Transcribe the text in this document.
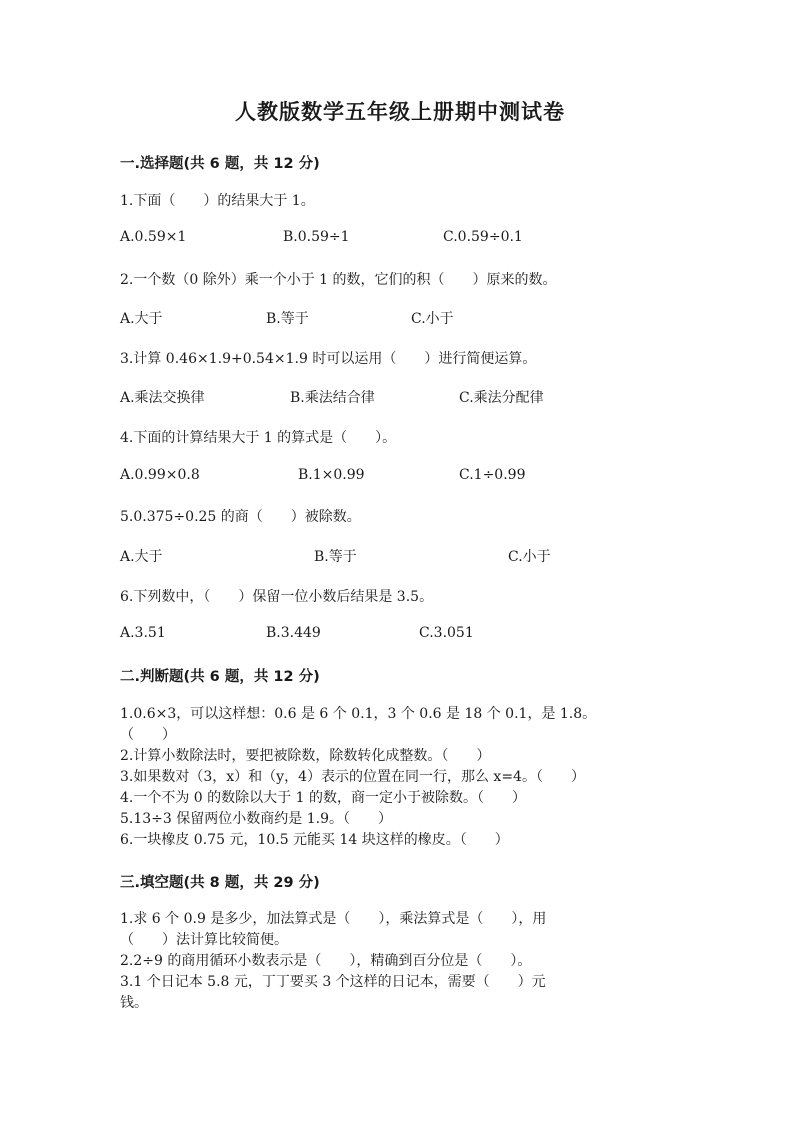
人教版数学五年级上册期中测试卷
一.选择题(共 6 题，共 12 分)
1.下面（　　）的结果大于 1。
A.0.59×1	B.0.59÷1	C.0.59÷0.1
2.一个数（0 除外）乘一个小于 1 的数，它们的积（　　）原来的数。
A.大于	B.等于	C.小于
3.计算 0.46×1.9+0.54×1.9 时可以运用（　　）进行简便运算。
A.乘法交换律	B.乘法结合律	C.乘法分配律
4.下面的计算结果大于 1 的算式是（　　）。
A.0.99×0.8	B.1×0.99	C.1÷0.99
5.0.375÷0.25 的商（　　）被除数。
A.大于	B.等于	C.小于
6.下列数中，（　　）保留一位小数后结果是 3.5。
A.3.51	B.3.449	C.3.051
二.判断题(共 6 题，共 12 分)
1.0.6×3，可以这样想：0.6 是 6 个 0.1，3 个 0.6 是 18 个 0.1，是 1.8。
（　　）
2.计算小数除法时，要把被除数，除数转化成整数。（　　）
3.如果数对（3，x）和（y，4）表示的位置在同一行，那么 x=4。（　　）
4.一个不为 0 的数除以大于 1 的数，商一定小于被除数。（　　）
5.13÷3 保留两位小数商约是 1.9。（　　）
6.一块橡皮 0.75 元，10.5 元能买 14 块这样的橡皮。（　　）
三.填空题(共 8 题，共 29 分)
1.求 6 个 0.9 是多少，加法算式是（　　），乘法算式是（　　），用
（　　）法计算比较简便。
2.2÷9 的商用循环小数表示是（　　），精确到百分位是（　　）。
3.1 个日记本 5.8 元，丁丁要买 3 个这样的日记本，需要（　　）元
钱。
